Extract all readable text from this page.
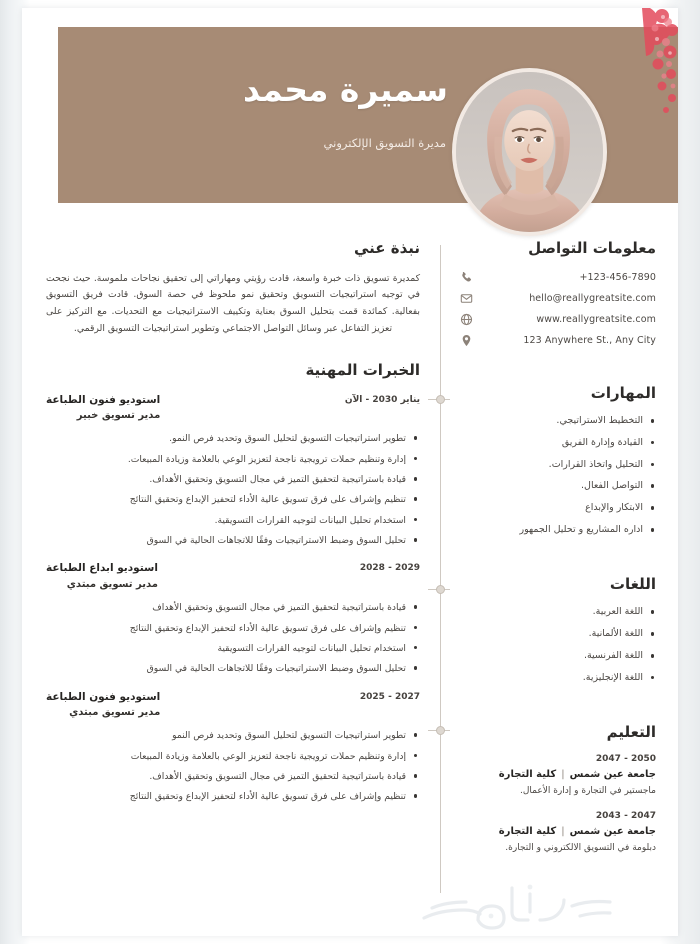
سميرة محمد
مديرة التسويق الإلكتروني
معلومات التواصل
+123-456-7890
hello@reallygreatsite.com
www.reallygreatsite.com
123 Anywhere St., Any City
المهارات
التخطيط الاستراتيجي.
القيادة وإدارة الفريق
التحليل واتخاذ القرارات.
التواصل الفعال.
الابتكار والإبداع
اداره المشاريع و تحليل الجمهور
اللغات
اللغة العربية.
اللغة الألمانية.
اللغة الفرنسية.
اللغة الإنجليزية.
التعليم
2047 - 2050
جامعة عين شمس|كلية التجارة
ماجستير في التجارة و إدارة الأعمال.
2043 - 2047
جامعة عين شمس|كلية التجارة
دبلومة في التسويق الالكتروني و التجارة.
نبذة عني

كمديرة تسويق ذات خبرة واسعة، قادت رؤيتي ومهاراتي إلى تحقيق نجاحات ملموسة. حيث نجحت في توجيه استراتيجيات التسويق وتحقيق نمو ملحوظ في حصة السوق. قادت فريق التسويق بفعالية. كمائدة قمت بتحليل السوق بعناية وتكييف الاستراتيجيات مع التحديات. مع التركيز على تعزيز التفاعل عبر وسائل التواصل الاجتماعي وتطوير استراتيجيات التسويق الرقمي.

الخبرات المهنية
استوديو فنون الطباعة
مدير تسويق خبير
يناير 2030 - الآن
تطوير استراتيجيات التسويق لتحليل السوق وتحديد فرص النمو.
إدارة وتنظيم حملات ترويجية ناجحة لتعزيز الوعي بالعلامة وزيادة المبيعات.
قيادة باستراتيجية لتحقيق التميز في مجال التسويق وتحقيق الأهداف.
تنظيم وإشراف على فرق تسويق عالية الأداء لتحفيز الإبداع وتحقيق النتائج
استخدام تحليل البيانات لتوجيه القرارات التسويقية.
تحليل السوق وضبط الاستراتيجيات وفقًا للاتجاهات الحالية في السوق
استوديو ابداع الطباعة
مدير تسويق مبتدي
2028 - 2029
قيادة باستراتيجية لتحقيق التميز في مجال التسويق وتحقيق الأهداف
تنظيم وإشراف على فرق تسويق عالية الأداء لتحفيز الإبداع وتحقيق النتائج
استخدام تحليل البيانات لتوجيه القرارات التسويقية
تحليل السوق وضبط الاستراتيجيات وفقًا للاتجاهات الحالية في السوق
استوديو فنون الطباعة
مدير تسويق مبتدي
2025 - 2027
تطوير استراتيجيات التسويق لتحليل السوق وتحديد فرص النمو
إدارة وتنظيم حملات ترويجية ناجحة لتعزيز الوعي بالعلامة وزيادة المبيعات
قيادة باستراتيجية لتحقيق التميز في مجال التسويق وتحقيق الأهداف.
تنظيم وإشراف على فرق تسويق عالية الأداء لتحفيز الإبداع وتحقيق النتائج
